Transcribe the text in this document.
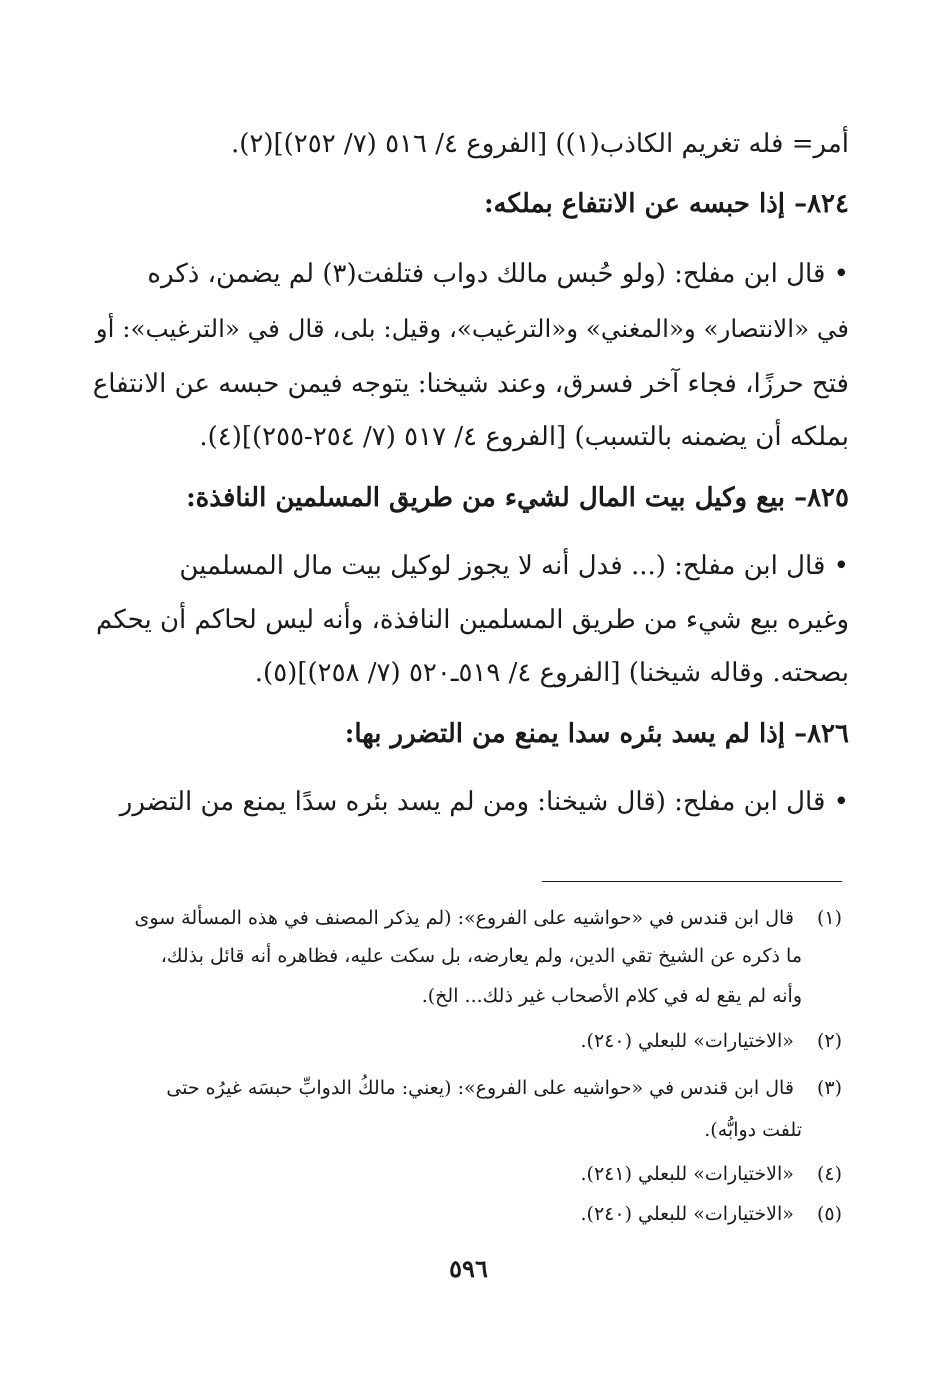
أمر= فله تغريم الكاذب(١)) [الفروع ٤/ ٥١٦ (٧/ ٢٥٢)](٢).
٨٢٤– إذا حبسه عن الانتفاع بملكه:
• قال ابن مفلح: (ولو حُبس مالك دواب فتلفت(٣) لم يضمن، ذكره
في «الانتصار» و«المغني» و«الترغيب»، وقيل: بلى، قال في «الترغيب»: أو
فتح حرزًا، فجاء آخر فسرق، وعند شيخنا: يتوجه فيمن حبسه عن الانتفاع
بملكه أن يضمنه بالتسبب) [الفروع ٤/ ٥١٧ (٧/ ٢٥٤-٢٥٥)](٤).
٨٢٥– بيع وكيل بيت المال لشيء من طريق المسلمين النافذة:
• قال ابن مفلح: (... فدل أنه لا يجوز لوكيل بيت مال المسلمين
وغيره بيع شيء من طريق المسلمين النافذة، وأنه ليس لحاكم أن يحكم
بصحته. وقاله شيخنا) [الفروع ٤/ ٥١٩ـ٥٢٠ (٧/ ٢٥٨)](٥).
٨٢٦– إذا لم يسد بئره سدا يمنع من التضرر بها:
• قال ابن مفلح: (قال شيخنا: ومن لم يسد بئره سدًا يمنع من التضرر
(١)  قال ابن قندس في «حواشيه على الفروع»: (لم يذكر المصنف في هذه المسألة سوى
ما ذكره عن الشيخ تقي الدين، ولم يعارضه، بل سكت عليه، فظاهره أنه قائل بذلك،
وأنه لم يقع له في كلام الأصحاب غير ذلك... الخ).
(٢)  «الاختيارات» للبعلي (٢٤٠).
(٣)  قال ابن قندس في «حواشيه على الفروع»: (يعني: مالكُ الدوابِّ حبسَه غيرُه حتى
تلفت دوابُّه).
(٤)  «الاختيارات» للبعلي (٢٤١).
(٥)  «الاختيارات» للبعلي (٢٤٠).
٥٩٦
